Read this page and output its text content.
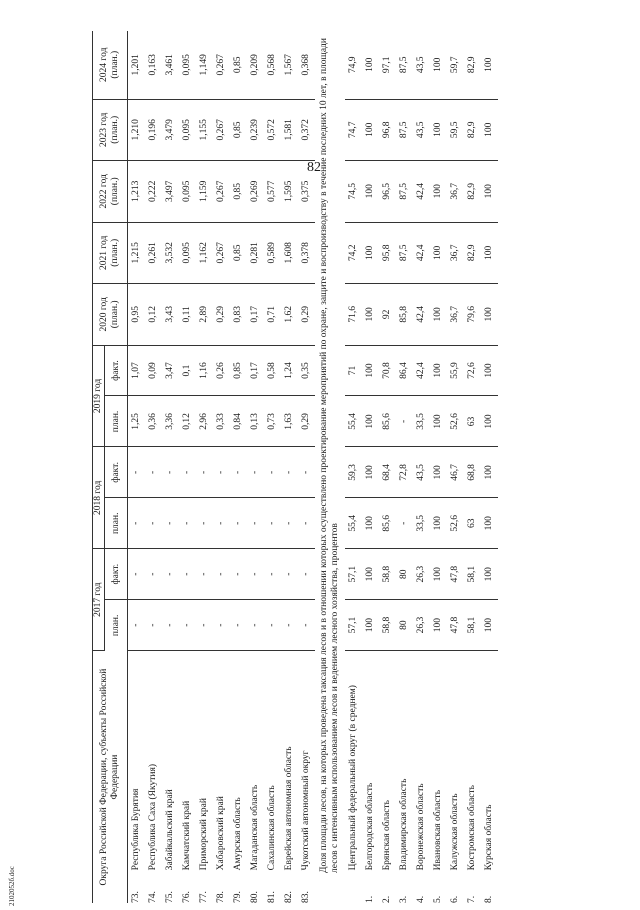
82
2102052б.doc
Округа Российской Федерации, субъекты Российской Федерации		2017 год		2018 год		2019 год		2020 год (план.)	2021 год (план.)	2022 год (план.)	2023 год (план.)	2024 год (план.)
		план.	факт.	план.	факт.	план.	факт.					
73.	Республика Бурятия	-	-	-	-	1,25	1,07	0,95	1,215	1,213	1,210	1,201
74.	Республика Саха (Якутия)	-	-	-	-	0,36	0,09	0,12	0,261	0,222	0,196	0,163
75.	Забайкальский край	-	-	-	-	3,36	3,47	3,43	3,532	3,497	3,479	3,461
76.	Камчатский край	-	-	-	-	0,12	0,1	0,11	0,095	0,095	0,095	0,095
77.	Приморский край	-	-	-	-	2,96	1,16	2,89	1,162	1,159	1,155	1,149
78.	Хабаровский край	-	-	-	-	0,33	0,26	0,29	0,267	0,267	0,267	0,267
79.	Амурская область	-	-	-	-	0,84	0,85	0,83	0,85	0,85	0,85	0,85
80.	Магаданская область	-	-	-	-	0,13	0,17	0,17	0,281	0,269	0,239	0,209
81.	Сахалинская область	-	-	-	-	0,73	0,58	0,71	0,589	0,577	0,572	0,568
82.	Еврейская автономная область	-	-	-	-	1,63	1,24	1,62	1,608	1,595	1,581	1,567
83.	Чукотский автономный округ	-	-	-	-	0,29	0,35	0,29	0,378	0,375	0,372	0,368
Доля площади лесов, на которых проведена таксация лесов и в отношении которых осуществлено проектирование мероприятий по охране, защите и воспроизводству в течение последних 10 лет, в площади лесов с интенсивным использованием лесов и ведением лесного хозяйства, процентов												
	Центральный федеральный округ (в среднем)	57,1	57,1	55,4	59,3	55,4	71	71,6	74,2	74,5	74,7	74,9
1.	Белгородская область	100	100	100	100	100	100	100	100	100	100	100
2.	Брянская область	58,8	58,8	85,6	68,4	85,6	70,8	92	95,8	96,5	96,8	97,1
3.	Владимирская область	80	80	-	72,8	-	86,4	85,8	87,5	87,5	87,5	87,5
4.	Воронежская область	26,3	26,3	33,5	43,5	33,5	42,4	42,4	42,4	42,4	43,5	43,5
5.	Ивановская область	100	100	100	100	100	100	100	100	100	100	100
6.	Калужская область	47,8	47,8	52,6	46,7	52,6	55,9	36,7	36,7	36,7	59,5	59,7
7.	Костромская область	58,1	58,1	63	68,8	63	72,6	79,6	82,9	82,9	82,9	82,9
8.	Курская область	100	100	100	100	100	100	100	100	100	100	100
